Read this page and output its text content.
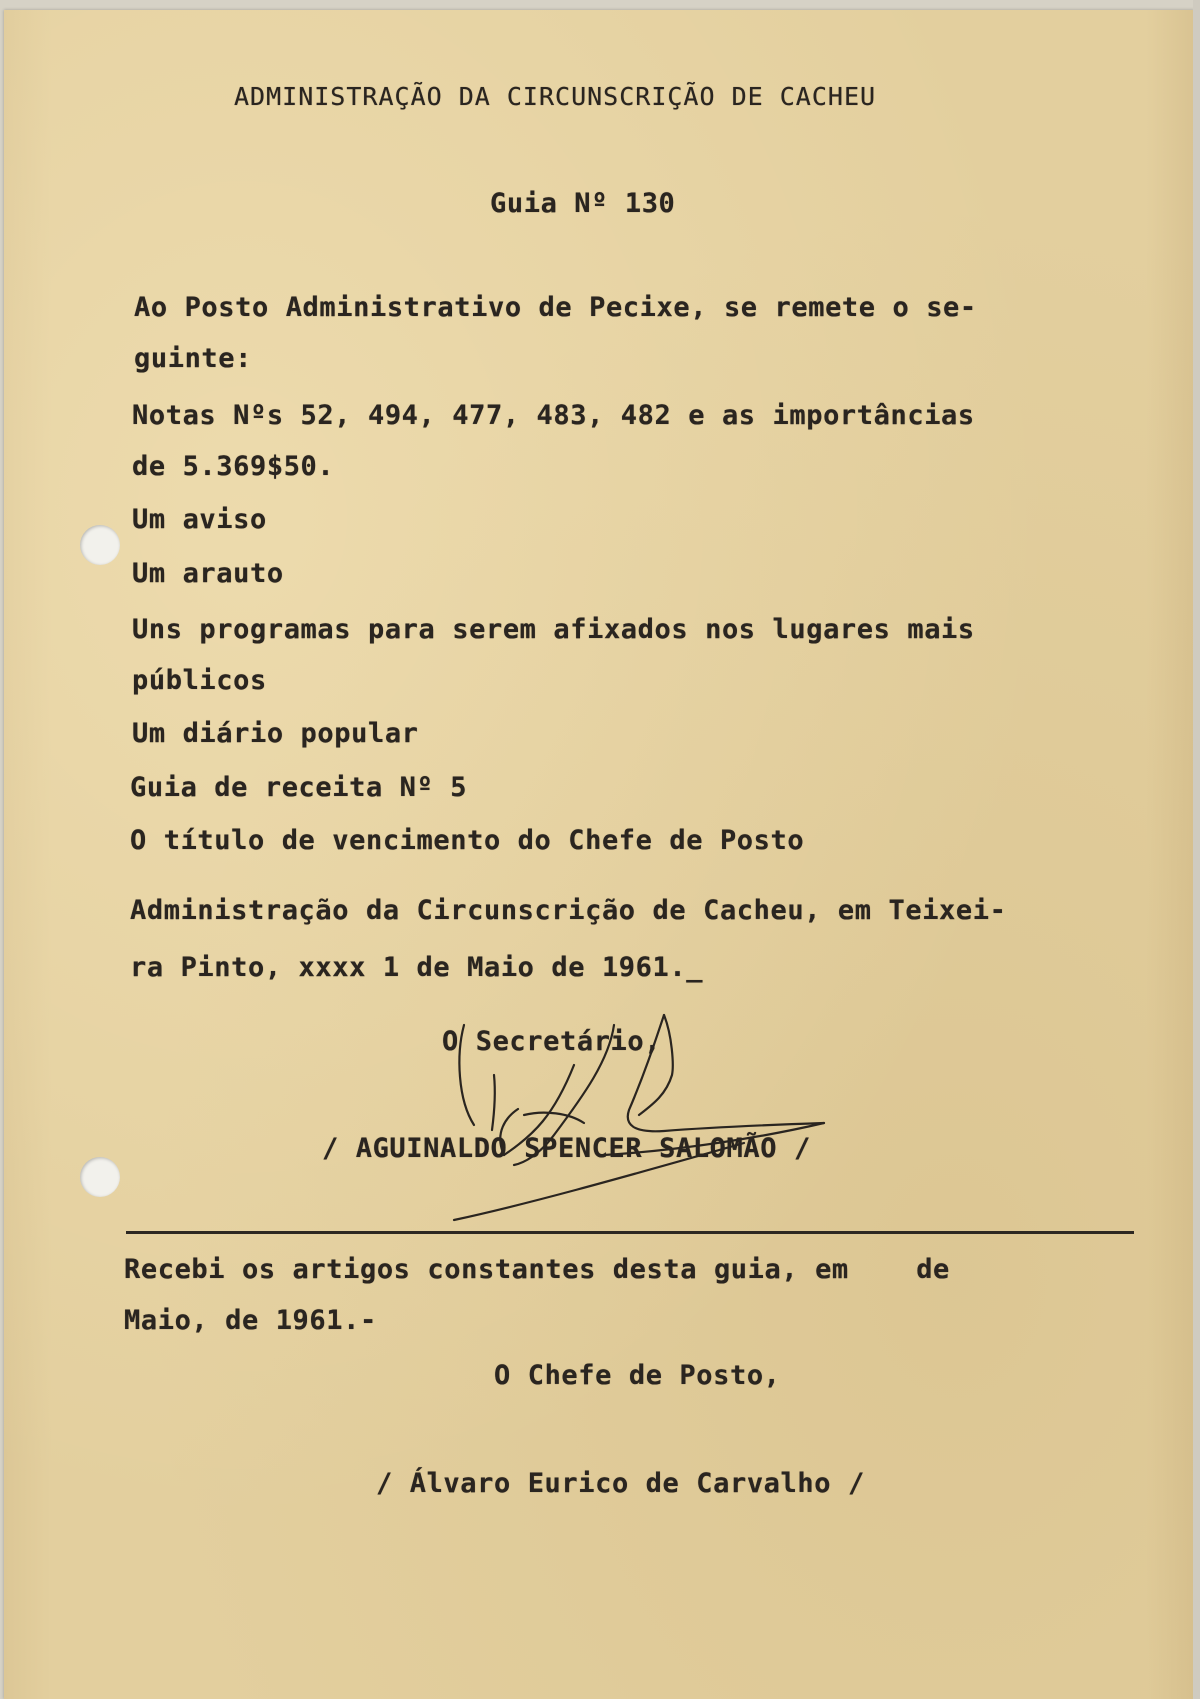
ADMINISTRAÇÃO DA CIRCUNSCRIÇÃO DE CACHEU
Guia Nº 130
Ao Posto Administrativo de Pecixe, se remete o se-
guinte:
Notas Nºs 52, 494, 477, 483, 482 e as importâncias
de 5.369$50.
Um aviso
Um arauto
Uns programas para serem afixados nos lugares mais
públicos
Um diário popular
Guia de receita Nº 5
O título de vencimento do Chefe de Posto
Administração da Circunscrição de Cacheu, em Teixei-
ra Pinto, xxxx 1 de Maio de 1961._
O Secretário,
/ AGUINALDO SPENCER SALOMÃO /
Recebi os artigos constantes desta guia, em    de
Maio, de 1961.-
O Chefe de Posto,
/ Álvaro Eurico de Carvalho /
